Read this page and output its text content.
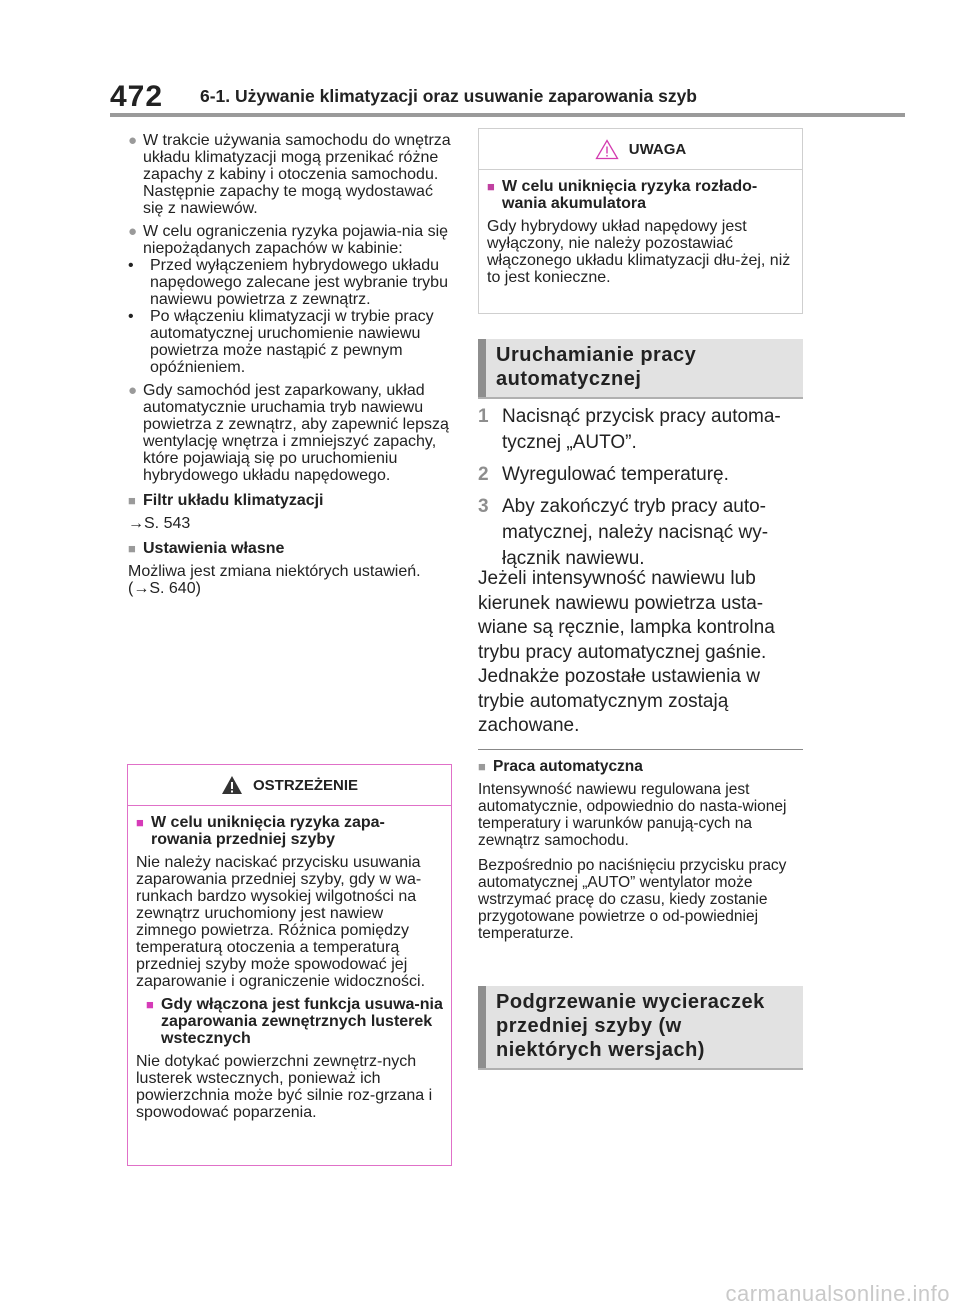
472 6-1. Używanie klimatyzacji oraz usuwanie zaparowania szyb
● W trakcie używania samochodu do wnętrza układu klimatyzacji mogą przenikać różne zapachy z kabiny i otoczenia samochodu. Następnie zapachy te mogą wydostawać się z nawiewów.
● W celu ograniczenia ryzyka pojawia-nia się niepożądanych zapachów w kabinie:
•	Przed wyłączeniem hybrydowego układu napędowego zalecane jest wybranie trybu nawiewu powietrza z zewnątrz.
•	Po włączeniu klimatyzacji w trybie pracy automatycznej uruchomienie nawiewu powietrza może nastąpić z pewnym opóźnieniem.
● Gdy samochód jest zaparkowany, układ automatycznie uruchamia tryb nawiewu powietrza z zewnątrz, aby zapewnić lepszą wentylację wnętrza i zmniejszyć zapachy, które pojawiają się po uruchomieniu hybrydowego układu napędowego.
■ Filtr układu klimatyzacji
→S. 543
■ Ustawienia własne
Możliwa jest zmiana niektórych ustawień. (→S. 640)
OSTRZEŻENIE
■ W celu uniknięcia ryzyka zapa-rowania przedniej szyby
Nie należy naciskać przycisku usuwania zaparowania przedniej szyby, gdy w wa-runkach bardzo wysokiej wilgotności na zewnątrz uruchomiony jest nawiew zimnego powietrza. Różnica pomiędzy temperaturą otoczenia a temperaturą przedniej szyby może spowodować jej zaparowanie i ograniczenie widoczności.
■ Gdy włączona jest funkcja usuwa-nia zaparowania zewnętrznych lusterek wstecznych
Nie dotykać powierzchni zewnętrz-nych lusterek wstecznych, ponieważ ich powierzchnia może być silnie roz-grzana i spowodować poparzenia.
UWAGA
■ W celu uniknięcia ryzyka rozłado-wania akumulatora
Gdy hybrydowy układ napędowy jest wyłączony, nie należy pozostawiać włączonego układu klimatyzacji dłu-żej, niż to jest konieczne.
Uruchamianie pracy automatycznej
1 Nacisnąć przycisk pracy automa-tycznej „AUTO”.
2 Wyregulować temperaturę.
3 Aby zakończyć tryb pracy auto-matycznej, należy nacisnąć wy-łącznik nawiewu.
Jeżeli intensywność nawiewu lub kierunek nawiewu powietrza usta-wiane są ręcznie, lampka kontrolna trybu pracy automatycznej gaśnie. Jednakże pozostałe ustawienia w trybie automatycznym zostają zachowane.
■ Praca automatyczna
Intensywność nawiewu regulowana jest automatycznie, odpowiednio do nasta-wionej temperatury i warunków panują-cych na zewnątrz samochodu.
Bezpośrednio po naciśnięciu przycisku pracy automatycznej „AUTO” wentylator może wstrzymać pracę do czasu, kiedy zostanie przygotowane powietrze o od-powiedniej temperaturze.
Podgrzewanie wycieraczek przedniej szyby (w niektórych wersjach)
carmanualsonline.info
